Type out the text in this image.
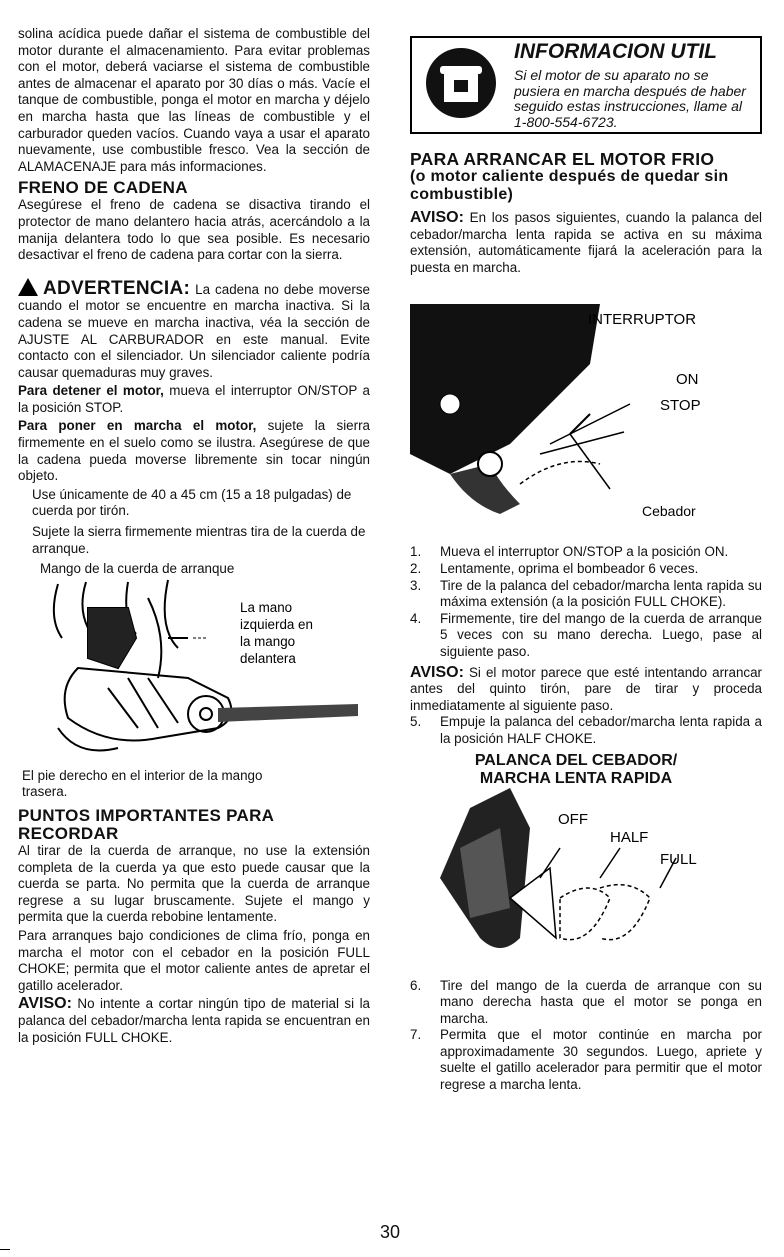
solina acídica puede dañar el sistema de combustible del motor durante el almacenamiento. Para evitar problemas con el motor, deberá vaciarse el sistema de combustible antes de almacenar el aparato por 30 días o más. Vacíe el tanque de combustible, ponga el motor en marcha y déjelo en marcha hasta que las líneas de combustible y el carburador queden vacíos. Cuando vaya a usar el aparato nuevamente, use combustible fresco. Vea la sección de ALAMACENAJE para más informaciones.

FRENO DE CADENA

Asegúrese el freno de cadena se disactiva tirando el protector de mano delantero hacia atrás, acercándolo a la manija delantera todo lo que sea posible. Es necesario desactivar el freno de cadena para cortar con la sierra.

ADVERTENCIA: La cadena no debe moverse cuando el motor se encuentre en marcha inactiva. Si la cadena se mueve en marcha inactiva, véa la sección de AJUSTE AL CARBURADOR en este manual. Evite contacto con el silenciador. Un silenciador caliente podría causar quemaduras muy graves.

Para detener el motor, mueva el interruptor ON/STOP a la posición STOP.

Para poner en marcha el motor, sujete la sierra firmemente en el suelo como se ilustra. Asegúrese de que la cadena pueda moverse libremente sin tocar ningún objeto.

Use únicamente de 40 a 45 cm (15 a 18 pulgadas) de cuerda por tirón.

Sujete la sierra firmemente mientras tira de la cuerda de arranque.

Mango de la cuerda de arranque

La mano
izquierda en
la mango
delantera

El pie derecho en el interior de la mango trasera.

PUNTOS IMPORTANTES PARA RECORDAR

Al tirar de la cuerda de arranque, no use la extensión completa de la cuerda ya que esto puede causar que la cuerda se parta. No permita que la cuerda de arranque regrese a su lugar bruscamente. Sujete el mango y permita que la cuerda rebobine lentamente.

Para arranques bajo condiciones de clima frío, ponga en marcha el motor con el cebador en la posición FULL CHOKE; permita que el motor caliente antes de apretar el gatillo acelerador.

AVISO: No intente a cortar ningún tipo de material si la palanca del cebador/marcha lenta rapida se encuentran en la posición FULL CHOKE.

INFORMACION UTIL
Si el motor de su aparato no se pusiera en marcha después de haber seguido estas instrucciones, llame al 1-800-554-6723.
PARA ARRANCAR EL MOTOR FRIO
(o motor caliente después de quedar sin combustible)

AVISO: En los pasos siguientes, cuando la palanca del cebador/marcha lenta rapida se activa en su máxima extensión, automáticamente fijará la aceleración para la puesta en marcha.

INTERRUPTOR
ON
STOP
Cebador
1. Mueva el interruptor ON/STOP a la posición ON.
2. Lentamente, oprima el bombeador 6 veces.
3. Tire de la palanca del cebador/marcha lenta rapida su máxima extensión (a la posición FULL CHOKE).
4. Firmemente, tire del mango de la cuerda de arranque 5 veces con su mano derecha. Luego, pase al siguiente paso.

AVISO: Si el motor parece que esté intentando arrancar antes del quinto tirón, pare de tirar y proceda inmediatamente al siguiente paso.

5. Empuje la palanca del cebador/marcha lenta rapida a la posición HALF CHOKE.
PALANCA DEL CEBADOR/
MARCHA LENTA RAPIDA
OFF
HALF
FULL
6. Tire del mango de la cuerda de arranque con su mano derecha hasta que el motor se ponga en marcha.
7. Permita que el motor continúe en marcha por approximadamente 30 segundos. Luego, apriete y suelte el gatillo acelerador para permitir que el motor regrese a marcha lenta.
30
